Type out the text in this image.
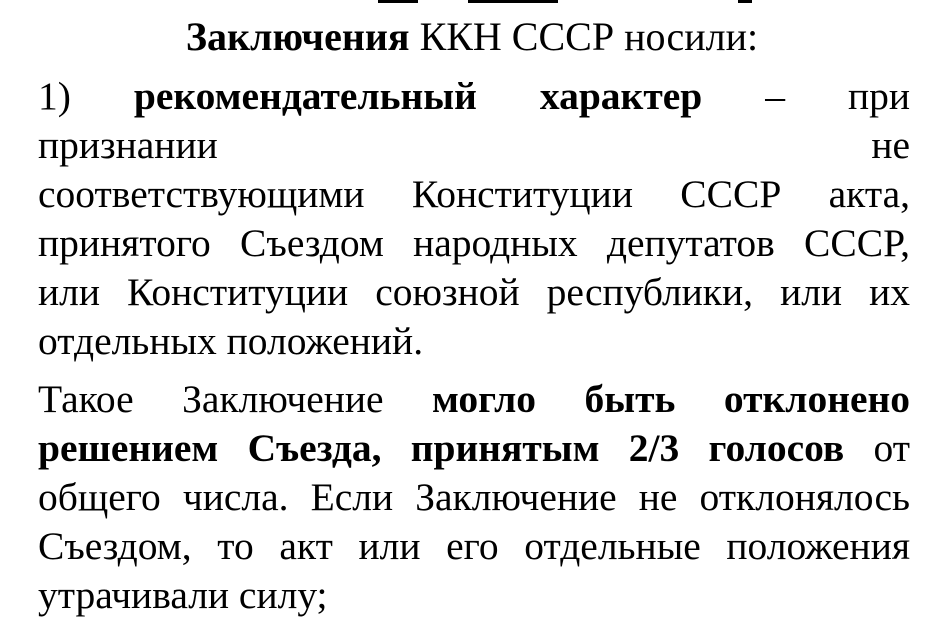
Заключения ККН СССР носили:
1) рекомендательный характер – при
признании	не
соответствующими Конституции СССР акта,
принятого Съездом народных депутатов СССР,
или Конституции союзной республики, или их
отдельных положений.
Такое Заключение могло быть отклонено
решением Съезда, принятым 2/3 голосов от
общего числа. Если Заключение не отклонялось
Съездом, то акт или его отдельные положения
утрачивали силу;
